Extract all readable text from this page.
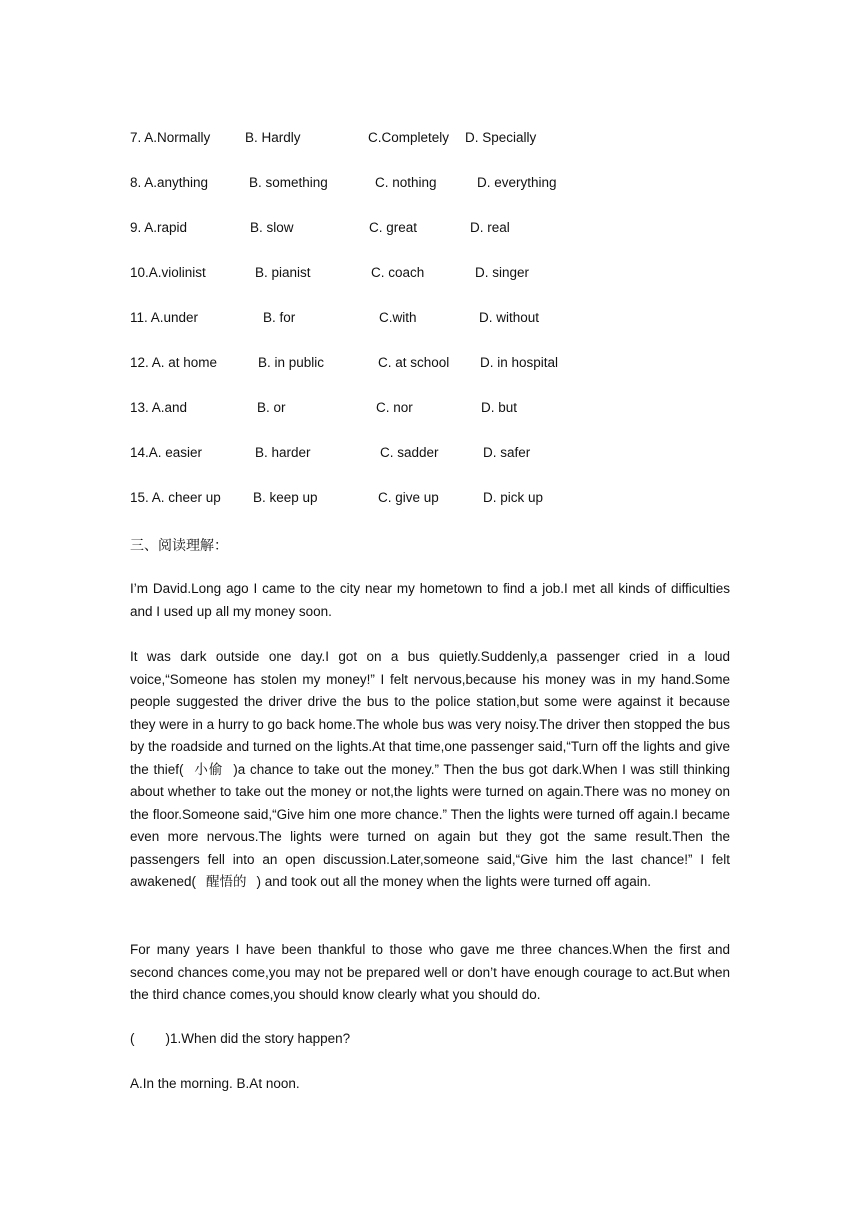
7. A.Normally	B. Hardly	C.Completely D. Specially
8. A.anything	B. something	C. nothing	D. everything
9. A.rapid	B. slow	C. great	D. real
10.A.violinist	B. pianist	C. coach	D. singer
11. A.under	B. for	C.with	D. without
12. A. at home	B. in public	C. at school D. in hospital
13. A.and	B. or	C. nor	D. but
14.A. easier	B. harder	C. sadder	D. safer
15. A. cheer up B. keep up	C. give up	D. pick up
三、阅读理解：

I’m David.Long ago I came to the city near my hometown to find a job.I met all kinds of difficulties and I used up all my money soon.

It was dark outside one day.I got on a bus quietly.Suddenly,a passenger cried in a loud voice,“Someone has stolen my money!” I felt nervous,because his money was in my hand.Some people suggested the driver drive the bus to the police station,but some were against it because they were in a hurry to go back home.The whole bus was very noisy.The driver then stopped the bus by the roadside and turned on the lights.At that time,one passenger said,“Turn off the lights and give the thief( 小偷 )a chance to take out the money.” Then the bus got dark.When I was still thinking about whether to take out the money or not,the lights were turned on again.There was no money on the floor.Someone said,“Give him one more chance.” Then the lights were turned off again.I became even more nervous.The lights were turned on again but they got the same result.Then the passengers fell into an open discussion.Later,someone said,“Give him the last chance!” I felt awakened( 醒悟的 ) and took out all the money when the lights were turned off again.

For many years I have been thankful to those who gave me three chances.When the first and second chances come,you may not be prepared well or don’t have enough courage to act.But when the third chance comes,you should know clearly what you should do.

( )1.When did the story happen?
A.In the morning. B.At noon.
